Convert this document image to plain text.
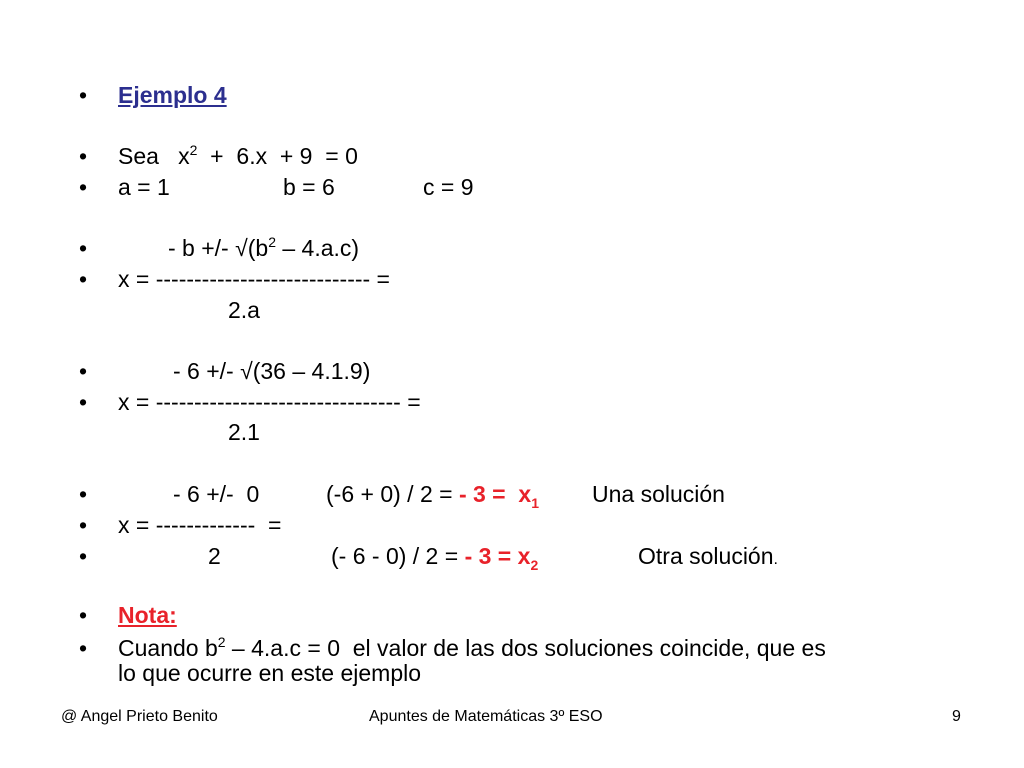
• Ejemplo 4
• Sea   $x^2 + 6.x + 9 = 0$
• a = 1	b = 6	c = 9
•	- b +/- $√(b^2 - 4.a.c)$
• x = ---------------------------- =
2.a
•	- 6 +/- √(36 – 4.1.9)
• x = -------------------------------- =
2.1
•	- 6 +/-  0	(-6 + 0) / 2 = - $3 = x_1$ Una solución
• x = -------------  =
•	2	(- 6 - 0) / 2 = - $3 = x_2$	Otra solución.
• Nota:
• Cuando $b^2 - 4.a.c = 0$  el valor de las dos soluciones coincide, que es
lo que ocurre en este ejemplo
@ Angel Prieto Benito	Apuntes de Matemáticas 3º ESO	9
